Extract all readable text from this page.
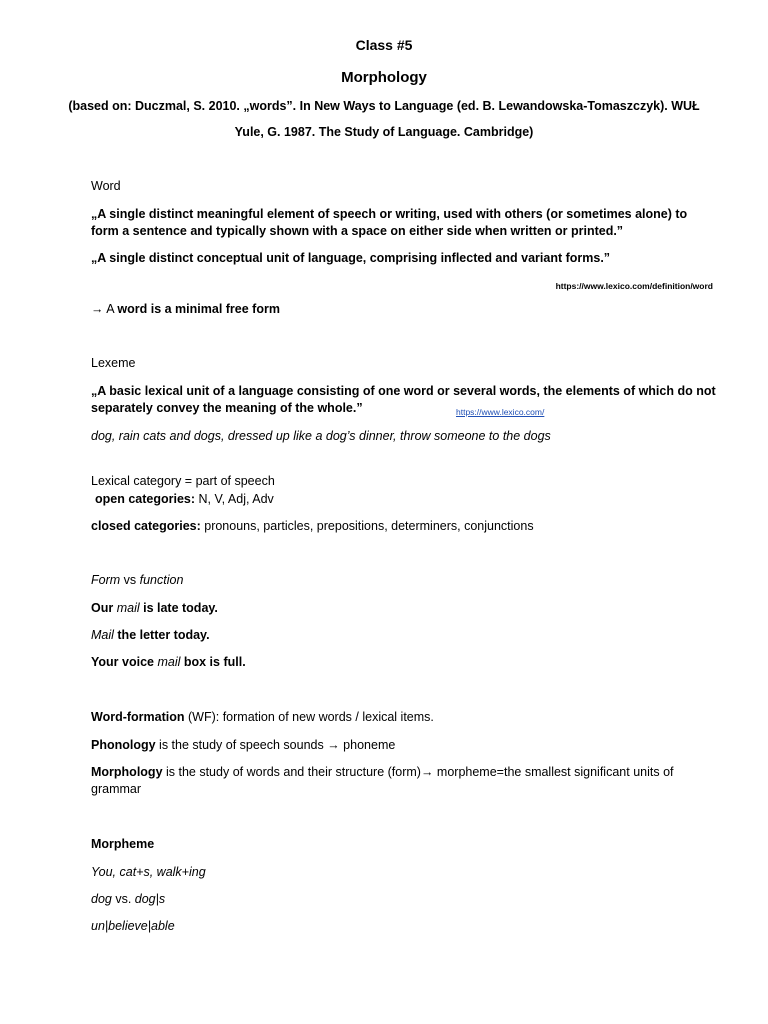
Class #5
Morphology
(based on: Duczmal, S. 2010. „words”. In New Ways to Language (ed. B. Lewandowska-Tomaszczyk). WUŁ
Yule, G. 1987. The Study of Language. Cambridge)
Word
„A single distinct meaningful element of speech or writing, used with others (or sometimes alone) to form a sentence and typically shown with a space on either side when written or printed.”
„A single distinct conceptual unit of language, comprising inflected and variant forms.”
https://www.lexico.com/definition/word
→ A word is a minimal free form
Lexeme
„A basic lexical unit of a language consisting of one word or several words, the elements of which do not separately convey the meaning of the whole.”	https://www.lexico.com/
dog, rain cats and dogs, dressed up like a dog’s dinner, throw someone to the dogs
Lexical category = part of speech
open categories: N, V, Adj, Adv
closed categories: pronouns, particles, prepositions, determiners, conjunctions
Form vs function
Our mail is late today.
Mail the letter today.
Your voice mail box is full.
Word-formation (WF): formation of new words / lexical items.
Phonology is the study of speech sounds → phoneme
Morphology is the study of words and their structure (form)→ morpheme=the smallest significant units of grammar
Morpheme
You, cat+s, walk+ing
dog vs. dog|s
un|believe|able
